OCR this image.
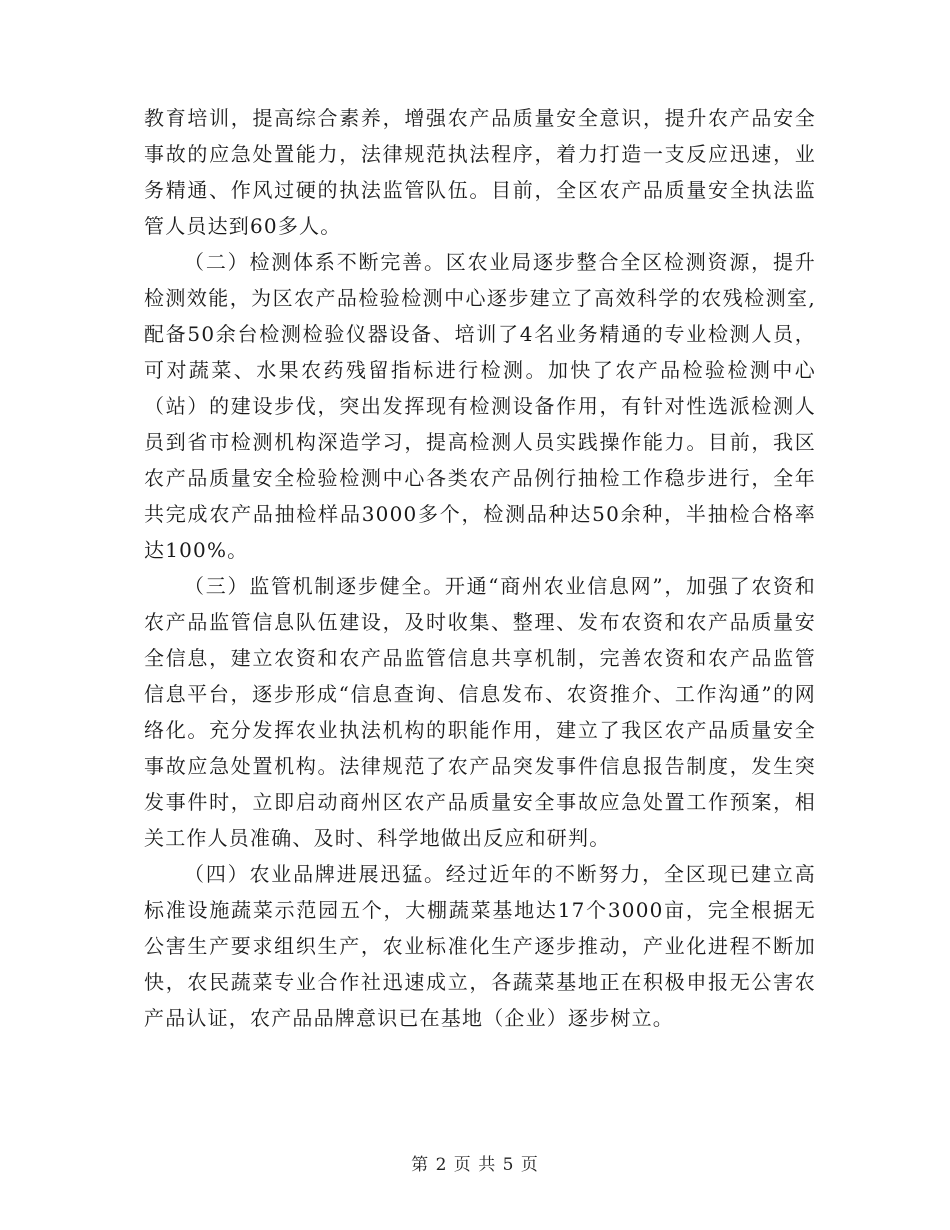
教育培训，提高综合素养，增强农产品质量安全意识，提升农产品安全事故的应急处置能力，法律规范执法程序，着力打造一支反应迅速，业务精通、作风过硬的执法监管队伍。目前，全区农产品质量安全执法监管人员达到60多人。

（二）检测体系不断完善。区农业局逐步整合全区检测资源，提升检测效能，为区农产品检验检测中心逐步建立了高效科学的农残检测室,配备50余台检测检验仪器设备、培训了4名业务精通的专业检测人员，可对蔬菜、水果农药残留指标进行检测。加快了农产品检验检测中心（站）的建设步伐，突出发挥现有检测设备作用，有针对性选派检测人员到省市检测机构深造学习，提高检测人员实践操作能力。目前，我区农产品质量安全检验检测中心各类农产品例行抽检工作稳步进行，全年共完成农产品抽检样品3000多个，检测品种达50余种，半抽检合格率达100%。

（三）监管机制逐步健全。开通“商州农业信息网”，加强了农资和农产品监管信息队伍建设，及时收集、整理、发布农资和农产品质量安全信息，建立农资和农产品监管信息共享机制，完善农资和农产品监管信息平台，逐步形成“信息查询、信息发布、农资推介、工作沟通”的网络化。充分发挥农业执法机构的职能作用，建立了我区农产品质量安全事故应急处置机构。法律规范了农产品突发事件信息报告制度，发生突发事件时，立即启动商州区农产品质量安全事故应急处置工作预案，相关工作人员准确、及时、科学地做出反应和研判。

（四）农业品牌进展迅猛。经过近年的不断努力，全区现已建立高标准设施蔬菜示范园五个，大棚蔬菜基地达17个3000亩，完全根据无公害生产要求组织生产，农业标准化生产逐步推动，产业化进程不断加快，农民蔬菜专业合作社迅速成立，各蔬菜基地正在积极申报无公害农产品认证，农产品品牌意识已在基地（企业）逐步树立。

第 2 页 共 5 页
